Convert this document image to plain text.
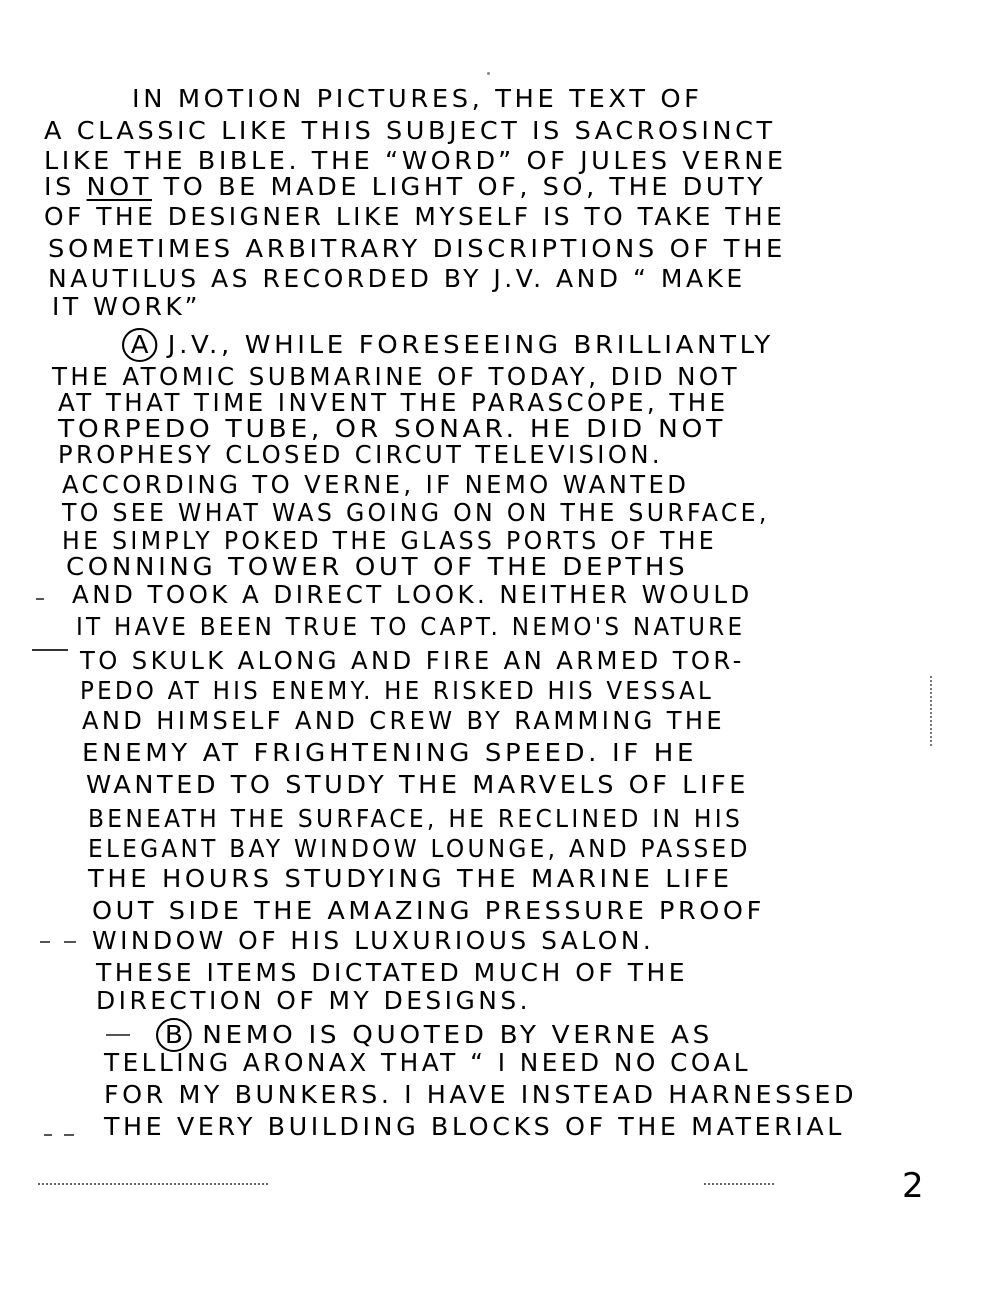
IN MOTION PICTURES, THE TEXT OF
A CLASSIC LIKE THIS SUBJECT IS SACROSINCT
LIKE THE BIBLE. THE “WORD” OF JULES VERNE
IS NOT TO BE MADE LIGHT OF, SO, THE DUTY
OF THE DESIGNER LIKE MYSELF IS TO TAKE THE
SOMETIMES ARBITRARY DISCRIPTIONS OF THE
NAUTILUS AS RECORDED BY J.V. AND “ MAKE
IT WORK”
A J.V., WHILE FORESEEING BRILLIANTLY
THE ATOMIC SUBMARINE OF TODAY, DID NOT
AT THAT TIME INVENT THE PARASCOPE, THE
TORPEDO TUBE, OR SONAR. HE DID NOT
PROPHESY CLOSED CIRCUT TELEVISION.
ACCORDING TO VERNE, IF NEMO WANTED
TO SEE WHAT WAS GOING ON ON THE SURFACE,
HE SIMPLY POKED THE GLASS PORTS OF THE
CONNING TOWER OUT OF THE DEPTHS
AND TOOK A DIRECT LOOK. NEITHER WOULD
IT HAVE BEEN TRUE TO CAPT. NEMO'S NATURE
TO SKULK ALONG AND FIRE AN ARMED TOR-
PEDO AT HIS ENEMY. HE RISKED HIS VESSAL
AND HIMSELF AND CREW BY RAMMING THE
ENEMY AT FRIGHTENING SPEED. IF HE
WANTED TO STUDY THE MARVELS OF LIFE
BENEATH THE SURFACE, HE RECLINED IN HIS
ELEGANT BAY WINDOW LOUNGE, AND PASSED
THE HOURS STUDYING THE MARINE LIFE
OUT SIDE THE AMAZING PRESSURE PROOF
WINDOW OF HIS LUXURIOUS SALON.
THESE ITEMS DICTATED MUCH OF THE
DIRECTION OF MY DESIGNS.
B NEMO IS QUOTED BY VERNE AS
TELLING ARONAX THAT “ I NEED NO COAL
FOR MY BUNKERS. I HAVE INSTEAD HARNESSED
THE VERY BUILDING BLOCKS OF THE MATERIAL
2
